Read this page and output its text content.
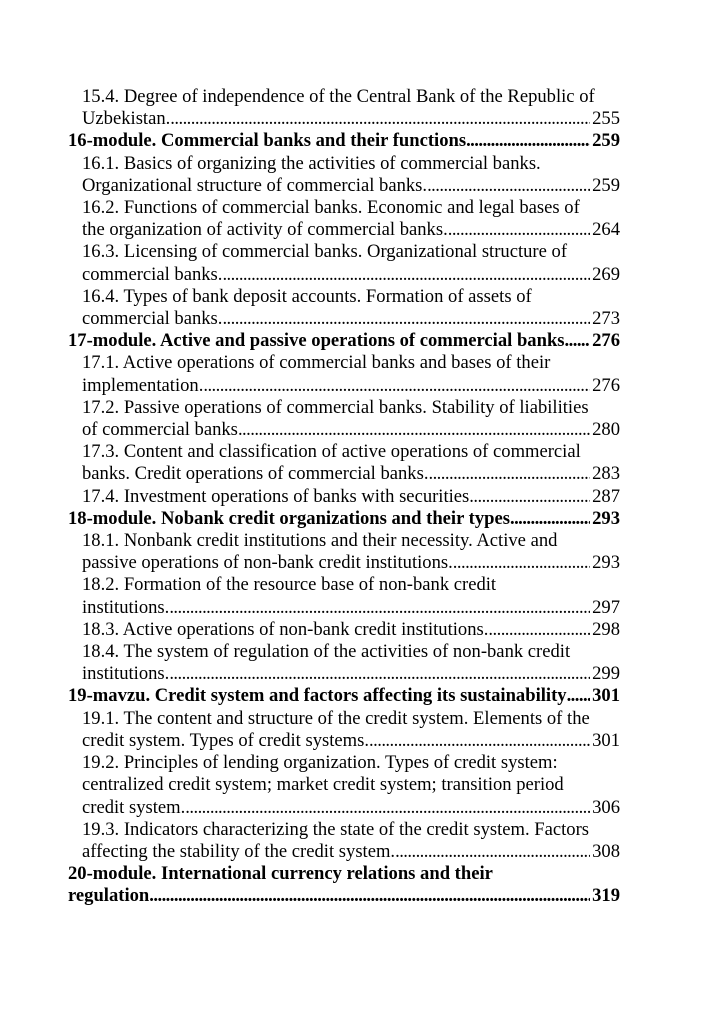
15.4. Degree of independence of the Central Bank of the Republic of
Uzbekistan. . . .	255
16-module. Commercial banks and their functions . . .	259
16.1. Basics of organizing the activities of commercial banks.
Organizational structure of commercial banks. . . .	259
16.2. Functions of commercial banks. Economic and legal bases of
the organization of activity of commercial banks. . . .	264
16.3. Licensing of commercial banks. Organizational structure of
commercial banks. . . .	269
16.4. Types of bank deposit accounts. Formation of assets of
commercial banks. . . .	273
17-module. Active and passive operations of commercial banks . . . 276
17.1. Active operations of commercial banks and bases of their
implementation. . . .	276
17.2. Passive operations of commercial banks. Stability of liabilities
of commercial banks . . .	280
17.3. Content and classification of active operations of commercial
banks. Credit operations of commercial banks. . . .	283
17.4. Investment operations of banks with securities . . .	287
18-module. Nobank credit organizations and their types . . .	293
18.1. Nonbank credit institutions and their necessity. Active and
passive operations of non-bank credit institutions. . . .	293
18.2. Formation of the resource base of non-bank credit
institutions. . . .	297
18.3. Active operations of non-bank credit institutions. . . .	298
18.4. The system of regulation of the activities of non-bank credit
institutions. . . .	299
19-mavzu. Credit system and factors affecting its sustainability . . . 301
19.1. The content and structure of the credit system. Elements of the
credit system. Types of credit systems. . . .	301
19.2. Principles of lending organization. Types of credit system:
centralized credit system; market credit system; transition period
credit system. . . .	306
19.3. Indicators characterizing the state of the credit system. Factors
affecting the stability of the credit system. . . .	308
20-module. International currency relations and their
regulation . . .	319
